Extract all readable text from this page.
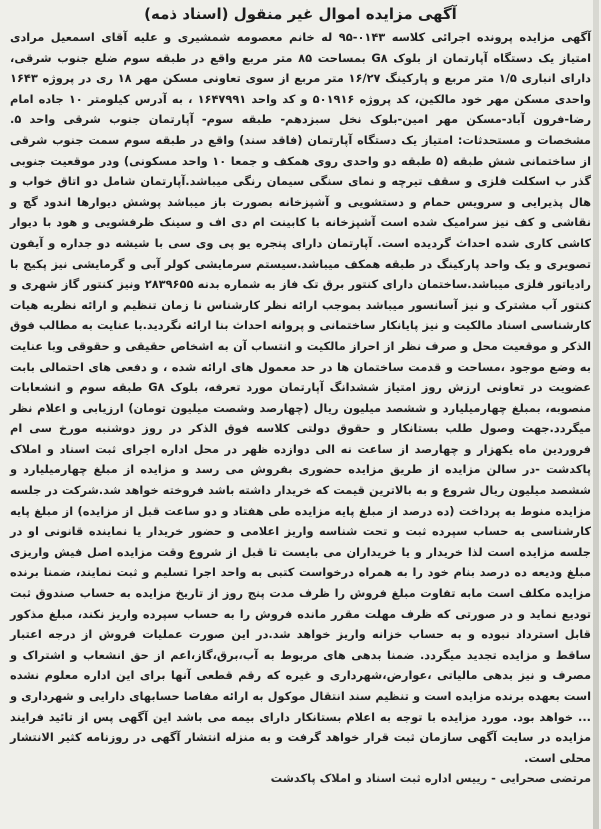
آگهی مزایده اموال غیر منقول (اسناد ذمه)

آگهی مزایده پرونده اجرائی کلاسه ۰۱۴۳-۹۵ له خانم معصومه شمشیری و علیه آقای اسمعیل مرادی امتیاز یک دستگاه آپارتمان از بلوک G۸ بمساحت ۸۵ متر مربع واقع در طبقه سوم ضلع جنوب شرقی، دارای انباری ۱/۵ متر مربع و پارکینگ ۱۶/۲۷ متر مربع از سوی تعاونی مسکن مهر ۱۸ ری در پروژه ۱۶۴۳ واحدی مسکن مهر خود مالکین، کد پروژه ۵۰۱۹۱۶ و کد واحد ۱۶۴۷۹۹۱ ، به آدرس کیلومتر ۱۰ جاده امام رضا-فرون آباد-مسکن مهر امین-بلوک نخل سبزدهم- طبقه سوم- آپارتمان جنوب شرقی واحد ۵. مشخصات و مستحدثات: امتیاز یک دستگاه آپارتمان (فاقد سند) واقع در طبقه سوم سمت جنوب شرقی از ساختمانی شش طبقه (۵ طبقه دو واحدی روی همکف و جمعا ۱۰ واحد مسکونی) ودر موقعیت جنوبی گذر ب اسکلت فلزی و سقف تیرچه و نمای سنگی سیمان رنگی میباشد.آپارتمان شامل دو اتاق خواب و هال پذیرایی و سرویس حمام و دستشویی و آشپزخانه بصورت باز میباشد پوشش دیوارها اندود گچ و نقاشی و کف نیز سرامیک شده است آشپزخانه با کابینت ام دی اف و سینک ظرفشویی و هود با دیوار کاشی کاری شده احداث گردیده است. آپارتمان دارای پنجره یو پی وی سی با شیشه دو جداره و آیفون تصویری و یک واحد پارکینگ در طبقه همکف میباشد.سیستم سرمایشی کولر آبی و گرمایشی نیز پکیج با رادیاتور فلزی میباشد.ساختمان دارای کنتور برق تک فاز به شماره بدنه ۲۸۳۹۶۵۵ ونیز کنتور گاز شهری و کنتور آب مشترک و نیز آسانسور میباشد بموجب ارائه نظر کارشناس نا زمان تنظیم و ارائه نظریه هیات کارشناسی اسناد مالکیت و نیز پایانکار ساختمانی و پروانه احداث بنا ارائه نگردید.با عنایت به مطالب فوق الذکر و موقعیت محل و صرف نظر از احراز مالکیت و انتساب آن به اشخاص حقیقی و حقوقی وبا عنایت به وضع موجود ،مساحت و قدمت ساختمان ها در حد معمول های ارائه شده ، و دفعی های احتمالی بابت عضویت در تعاونی ارزش روز امتیاز ششدانگ آپارتمان مورد تعرفه، بلوک G۸ طبقه سوم و انشعابات منصوبه، بمبلغ چهارمیلیارد و ششصد میلیون ریال (چهارصد وشصت میلیون تومان) ارزیابی و اعلام نظر میگردد.جهت وصول طلب بستانکار و حقوق دولتی کلاسه فوق الذکر در روز دوشنبه مورخ سی ام فروردین ماه یکهزار و چهارصد از ساعت نه الی دوازده ظهر در محل اداره اجرای ثبت اسناد و املاک پاکدشت -در سالن مزایده از طریق مزایده حضوری بفروش می رسد و مزایده از مبلغ چهارمیلیارد و ششصد میلیون ریال شروع و به بالاترین قیمت که خریدار داشته باشد فروخته خواهد شد.شرکت در جلسه مزایده منوط به پرداخت (ده درصد از مبلغ پایه مزایده طی هفتاد و دو ساعت قبل از مزایده) از مبلغ پایه کارشناسی به حساب سپرده ثبت و تحت شناسه واریز اعلامی و حضور خریدار یا نماینده قانونی او در جلسه مزایده است لذا خریدار و یا خریداران می بایست تا قبل از شروع وقت مزایده اصل فیش واریزی مبلغ ودیعه ده درصد بنام خود را به همراه درخواست کتبی به واحد اجرا تسلیم و ثبت نمایند، ضمنا برنده مزایده مکلف است مابه تفاوت مبلغ فروش را ظرف مدت پنج روز از تاریخ مزایده به حساب صندوق ثبت تودیع نماید و در صورتی که ظرف مهلت مقرر مانده فروش را به حساب سپرده واریز نکند، مبلغ مذکور قابل استرداد نبوده و به حساب خزانه واریز خواهد شد.در این صورت عملیات فروش از درجه اعتبار ساقط و مزایده تجدید میگردد. ضمنا بدهی های مربوط به آب،برق،گاز،اعم از حق انشعاب و اشتراک و مصرف و نیز بدهی مالیاتی ،عوارض،شهرداری و غیره که رقم قطعی آنها برای این اداره معلوم نشده است بعهده برنده مزایده است و تنظیم سند انتقال موکول به ارائه مفاصا حسابهای دارایی و شهرداری و ... خواهد بود. مورد مزایده با توجه به اعلام بستانکار دارای بیمه می باشد این آگهی پس از تائید فرایند مزایده در سایت آگهی سازمان ثبت قرار خواهد گرفت و به منزله انتشار آگهی در روزنامه کثیر الانتشار محلی است.

مرتضی صحرایی - رییس اداره ثبت اسناد و املاک پاکدشت
